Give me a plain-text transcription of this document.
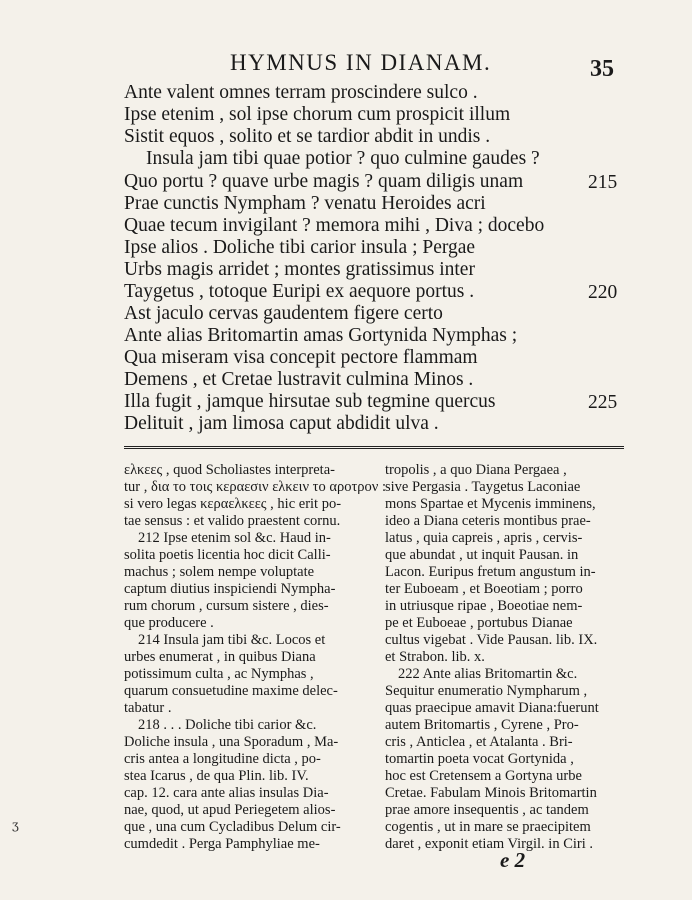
HYMNUS IN DIANAM.	35
Ante valent omnes terram proscindere sulco .
Ipse etenim , sol ipse chorum cum prospicit illum
Sistit equos , solito et se tardior abdit in undis .
Insula jam tibi quae potior ? quo culmine gaudes ?
Quo portu ? quave urbe magis ? quam diligis unam
Prae cunctis Nympham ? venatu Heroides acri
Quae tecum invigilant ? memora mihi , Diva ; docebo
Ipse alios . Doliche tibi carior insula ; Pergae
Urbs magis arridet ; montes gratissimus inter
Taygetus , totoque Euripi ex aequore portus .
Ast jaculo cervas gaudentem figere certo
Ante alias Britomartin amas Gortynida Nymphas ;
Qua miseram visa concepit pectore flammam
Demens , et Cretae lustravit culmina Minos .
Illa fugit , jamque hirsutae sub tegmine quercus
Delituit , jam limosa caput abdidit ulva .
215
220
225
ελκεες , quod Scholiastes interpreta-
tur , δια το τοις κεραεσιν ελκειν το αροτρον :
si vero legas κεραελκεες , hic erit po-
tae sensus : et valido praestent cornu.
212 Ipse etenim sol &c. Haud in-
solita poetis licentia hoc dicit Calli-
machus ; solem nempe voluptate
captum diutius inspiciendi Nympha-
rum chorum , cursum sistere , dies-
que producere .
214 Insula jam tibi &c. Locos et
urbes enumerat , in quibus Diana
potissimum culta , ac Nymphas ,
quarum consuetudine maxime delec-
tabatur .
218 . . . Doliche tibi carior &c.
Doliche insula , una Sporadum , Ma-
cris antea a longitudine dicta , po-
stea Icarus , de qua Plin. lib. IV.
cap. 12. cara ante alias insulas Dia-
nae, quod, ut apud Periegetem alios-
que , una cum Cycladibus Delum cir-
cumdedit . Perga Pamphyliae me-
tropolis , a quo Diana Pergaea ,
sive Pergasia . Taygetus Laconiae
mons Spartae et Mycenis imminens,
ideo a Diana ceteris montibus prae-
latus , quia capreis , apris , cervis-
que abundat , ut inquit Pausan. in
Lacon. Euripus fretum angustum in-
ter Euboeam , et Boeotiam ; porro
in utriusque ripae , Boeotiae nem-
pe et Euboeae , portubus Dianae
cultus vigebat . Vide Pausan. lib. IX.
et Strabon. lib. x.
222 Ante alias Britomartin &c.
Sequitur enumeratio Nympharum ,
quas praecipue amavit Diana:fuerunt
autem Britomartis , Cyrene , Pro-
cris , Anticlea , et Atalanta . Bri-
tomartin poeta vocat Gortynida ,
hoc est Cretensem a Gortyna urbe
Cretae. Fabulam Minois Britomartin
prae amore insequentis , ac tandem
cogentis , ut in mare se praecipitem
daret , exponit etiam Virgil. in Ciri .
e 2
ʒ
